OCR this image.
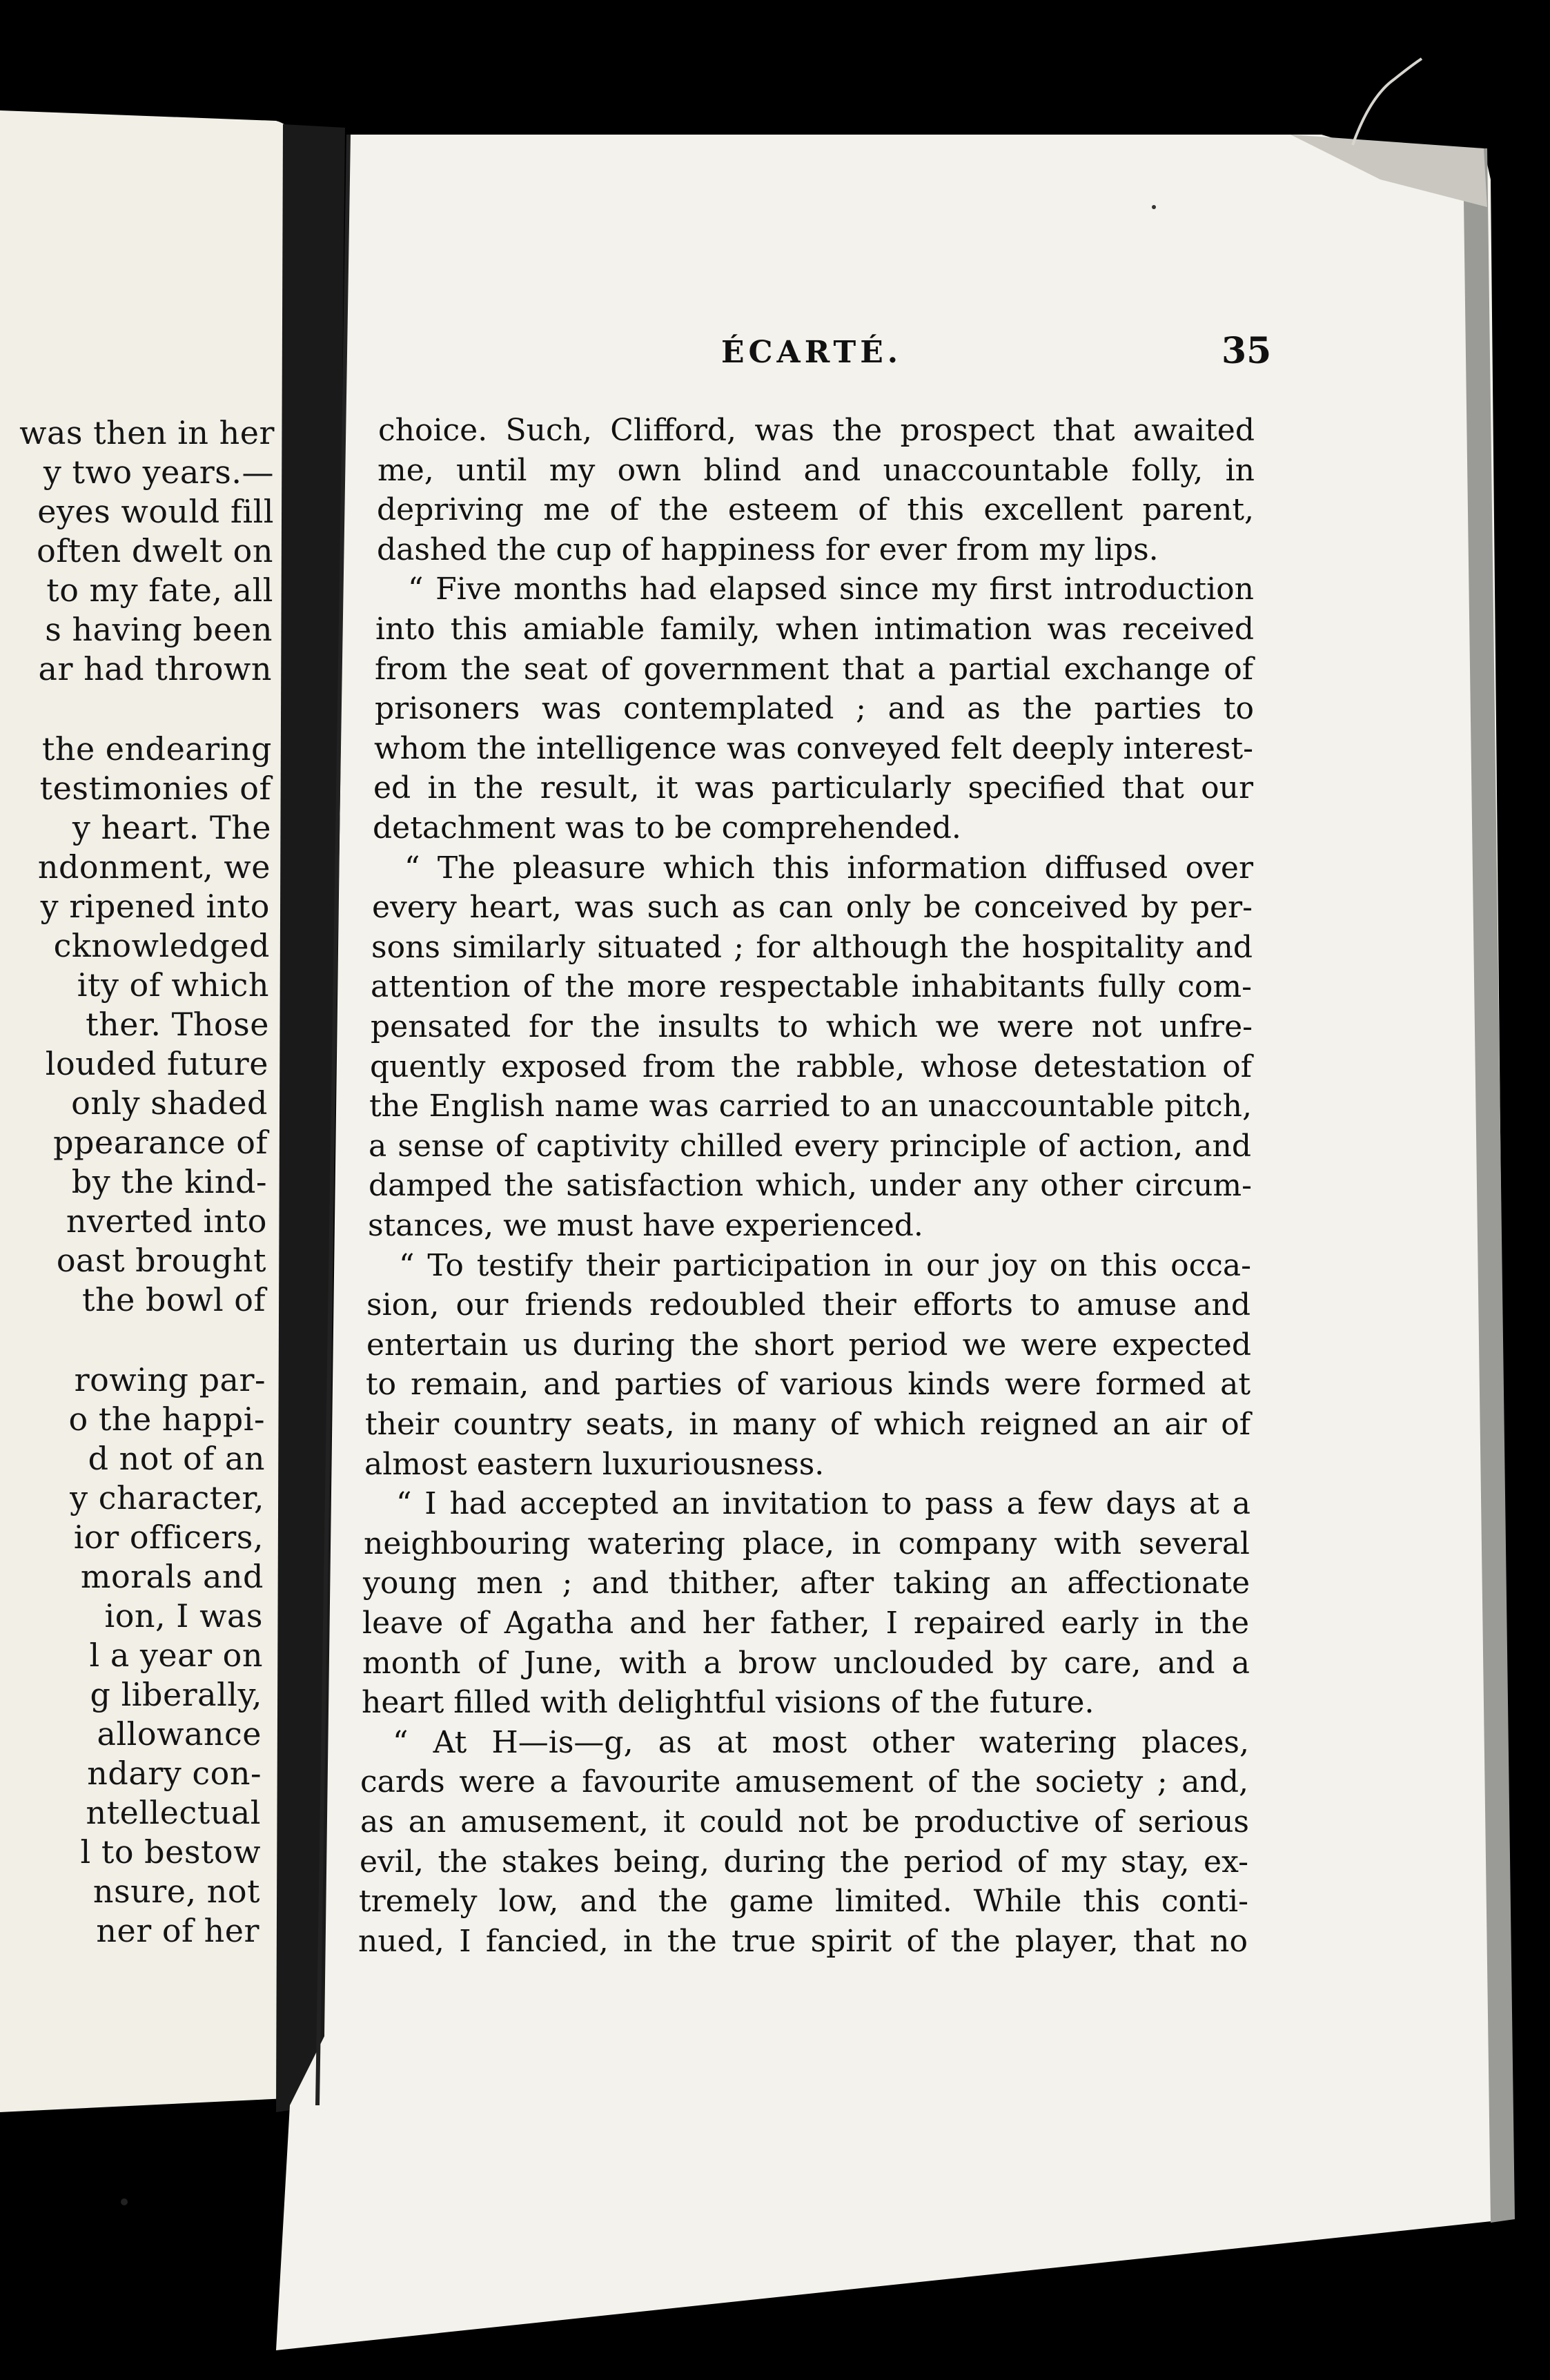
was then in her
y two years.—
eyes would fill
often dwelt on
to my fate, all
s having been
ar had thrown
the endearing
testimonies of
y heart. The
ndonment, we
y ripened into
cknowledged
ity of which
ther. Those
louded future
only shaded
ppearance of
by the kind-
nverted into
oast brought
the bowl of
rowing par-
o the happi-
d not of an
y character,
ior officers,
morals and
ion, I was
l a year on
g liberally,
allowance
ndary con-
ntellectual
l to bestow
nsure, not
ner of her
ÉCARTÉ.	35
choice. Such, Clifford, was the prospect that awaited
me, until my own blind and unaccountable folly, in
depriving me of the esteem of this excellent parent,
dashed the cup of happiness for ever from my lips.
“ Five months had elapsed since my first introduction
into this amiable family, when intimation was received
from the seat of government that a partial exchange of
prisoners was contemplated ; and as the parties to
whom the intelligence was conveyed felt deeply interest-
ed in the result, it was particularly specified that our
detachment was to be comprehended.
“ The pleasure which this information diffused over
every heart, was such as can only be conceived by per-
sons similarly situated ; for although the hospitality and
attention of the more respectable inhabitants fully com-
pensated for the insults to which we were not unfre-
quently exposed from the rabble, whose detestation of
the English name was carried to an unaccountable pitch,
a sense of captivity chilled every principle of action, and
damped the satisfaction which, under any other circum-
stances, we must have experienced.
“ To testify their participation in our joy on this occa-
sion, our friends redoubled their efforts to amuse and
entertain us during the short period we were expected
to remain, and parties of various kinds were formed at
their country seats, in many of which reigned an air of
almost eastern luxuriousness.
“ I had accepted an invitation to pass a few days at a
neighbouring watering place, in company with several
young men ; and thither, after taking an affectionate
leave of Agatha and her father, I repaired early in the
month of June, with a brow unclouded by care, and a
heart filled with delightful visions of the future.
“ At H—is—g, as at most other watering places,
cards were a favourite amusement of the society ; and,
as an amusement, it could not be productive of serious
evil, the stakes being, during the period of my stay, ex-
tremely low, and the game limited. While this conti-
nued, I fancied, in the true spirit of the player, that no
